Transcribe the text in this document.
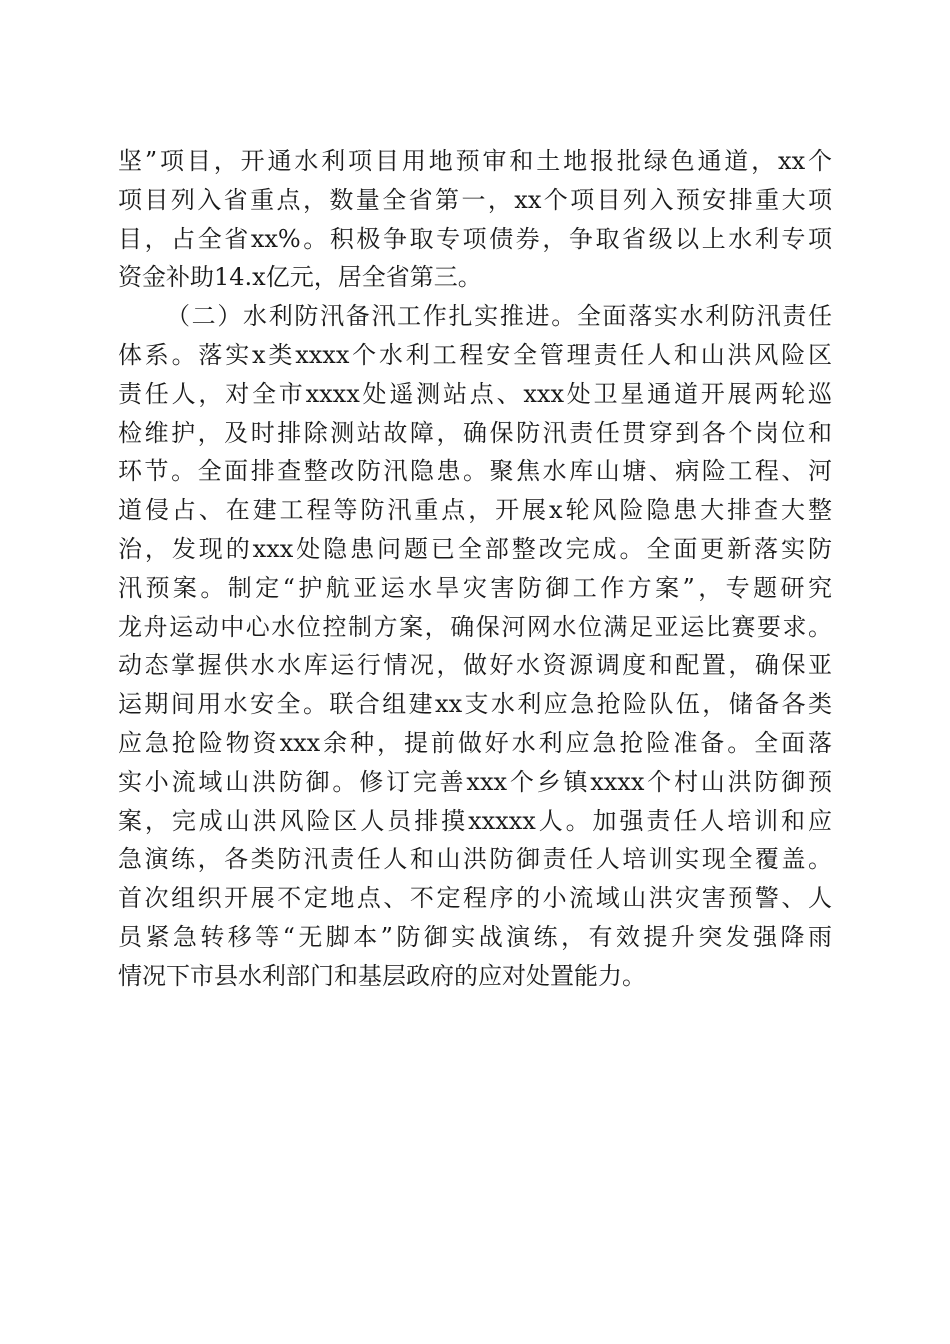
坚”项目，开通水利项目用地预审和土地报批绿色通道，xx个
项目列入省重点，数量全省第一，xx个项目列入预安排重大项
目，占全省xx%。积极争取专项债券，争取省级以上水利专项
资金补助14.x亿元，居全省第三。
（二）水利防汛备汛工作扎实推进。全面落实水利防汛责任
体系。落实x类xxxx个水利工程安全管理责任人和山洪风险区
责任人，对全市xxxx处遥测站点、xxx处卫星通道开展两轮巡
检维护，及时排除测站故障，确保防汛责任贯穿到各个岗位和
环节。全面排查整改防汛隐患。聚焦水库山塘、病险工程、河
道侵占、在建工程等防汛重点，开展x轮风险隐患大排查大整
治，发现的xxx处隐患问题已全部整改完成。全面更新落实防
汛预案。制定“护航亚运水旱灾害防御工作方案”，专题研究
龙舟运动中心水位控制方案，确保河网水位满足亚运比赛要求。
动态掌握供水水库运行情况，做好水资源调度和配置，确保亚
运期间用水安全。联合组建xx支水利应急抢险队伍，储备各类
应急抢险物资xxx余种，提前做好水利应急抢险准备。全面落
实小流域山洪防御。修订完善xxx个乡镇xxxx个村山洪防御预
案，完成山洪风险区人员排摸xxxxx人。加强责任人培训和应
急演练，各类防汛责任人和山洪防御责任人培训实现全覆盖。
首次组织开展不定地点、不定程序的小流域山洪灾害预警、人
员紧急转移等“无脚本”防御实战演练，有效提升突发强降雨
情况下市县水利部门和基层政府的应对处置能力。
